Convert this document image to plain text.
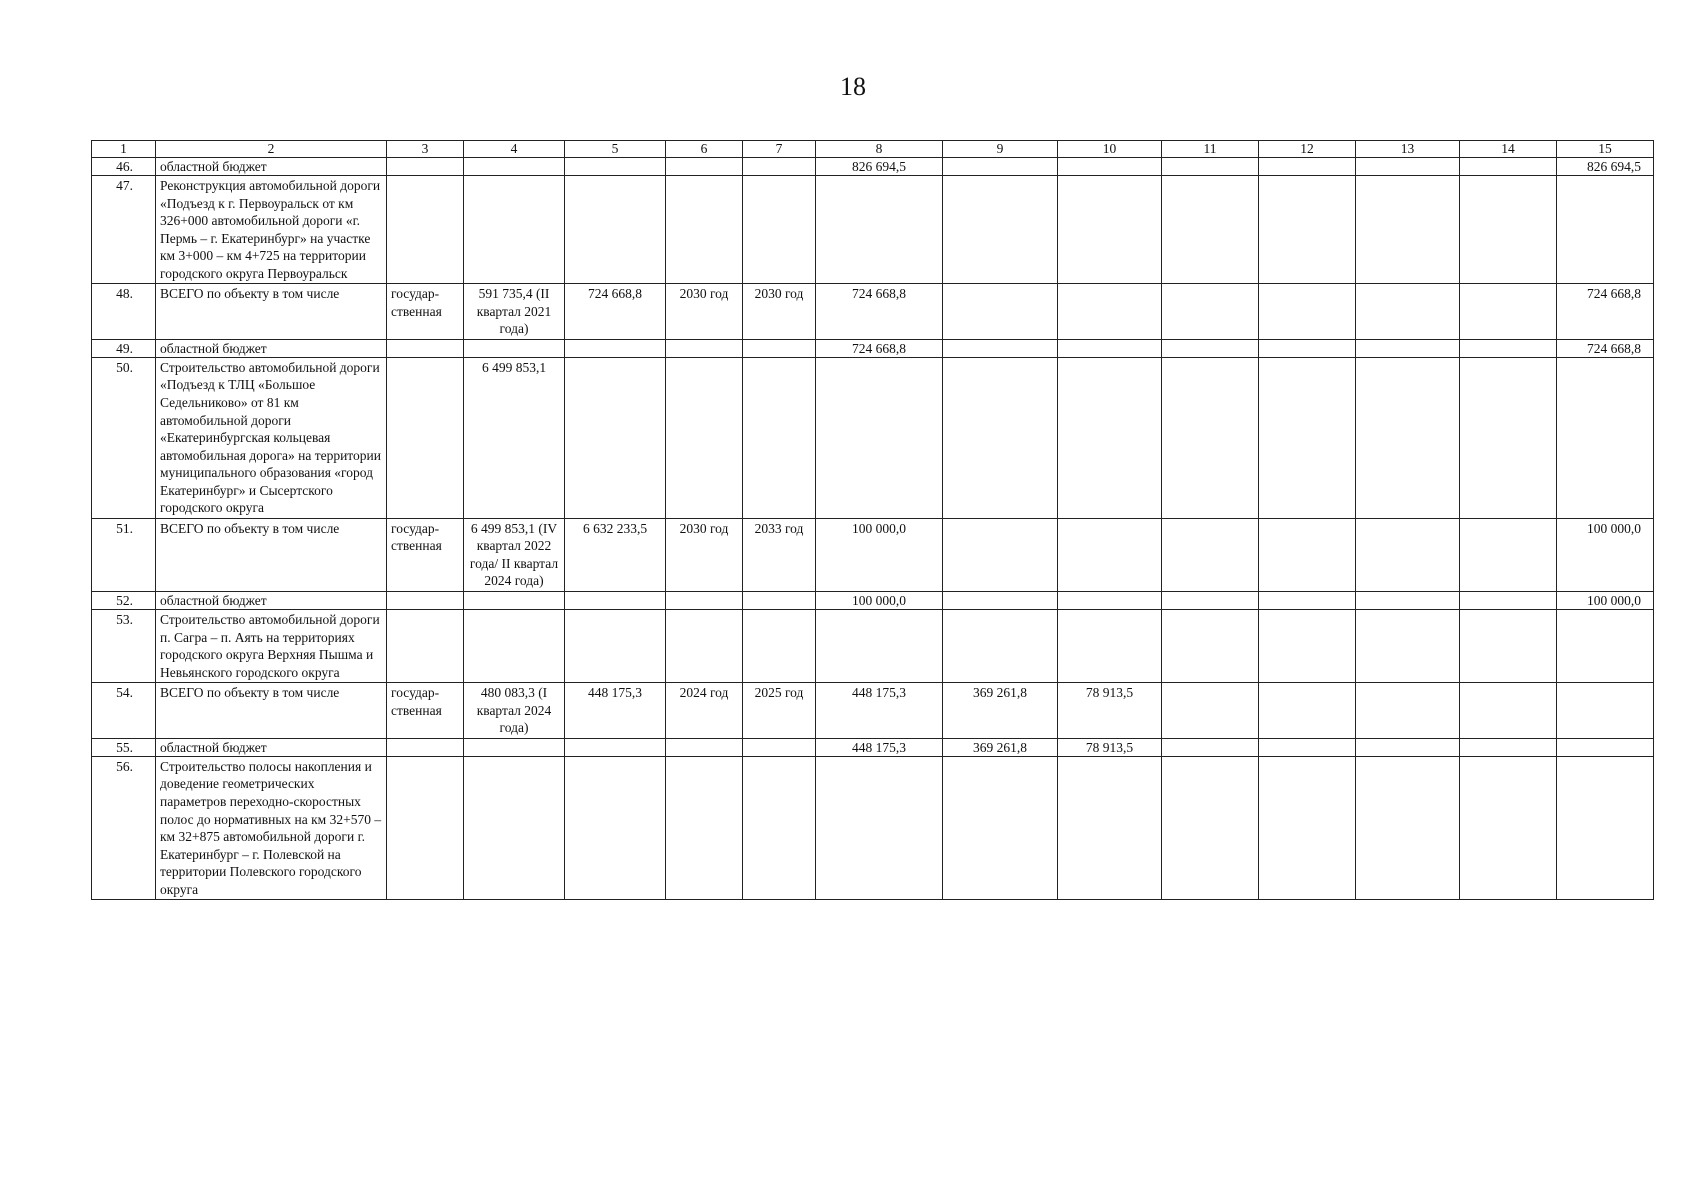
18
1	2	3	4	5	6	7	8	9	10	11	12	13	14	15
46.	областной бюджет						826 694,5							826 694,5
47.	Реконструкция автомобильной дороги «Подъезд к г. Первоуральск от км 326+000 автомобильной дороги «г. Пермь – г. Екатеринбург» на участке км 3+000 – км 4+725 на территории городского округа Первоуральск													
48.	ВСЕГО по объекту в том числе	государ-ственная	591 735,4 (II квартал 2021 года)	724 668,8	2030 год	2030 год	724 668,8							724 668,8
49.	областной бюджет						724 668,8							724 668,8
50.	Строительство автомобильной дороги «Подъезд к ТЛЦ «Большое Седельниково» от 81 км автомобильной дороги «Екатеринбургская кольцевая автомобильная дорога» на территории муниципального образования «город Екатеринбург» и Сысертского городского округа		6 499 853,1											
51.	ВСЕГО по объекту в том числе	государ-ственная	6 499 853,1 (IV квартал 2022 года/ II квартал 2024 года)	6 632 233,5	2030 год	2033 год	100 000,0							100 000,0
52.	областной бюджет						100 000,0							100 000,0
53.	Строительство автомобильной дороги п. Сагра – п. Аять на территориях городского округа Верхняя Пышма и Невьянского городского округа													
54.	ВСЕГО по объекту в том числе	государ-ственная	480 083,3 (I квартал 2024 года)	448 175,3	2024 год	2025 год	448 175,3	369 261,8	78 913,5					
55.	областной бюджет						448 175,3	369 261,8	78 913,5					
56.	Строительство полосы накопления и доведение геометрических параметров переходно-скоростных полос до нормативных на км 32+570 – км 32+875 автомобильной дороги г. Екатеринбург – г. Полевской на территории Полевского городского округа													
